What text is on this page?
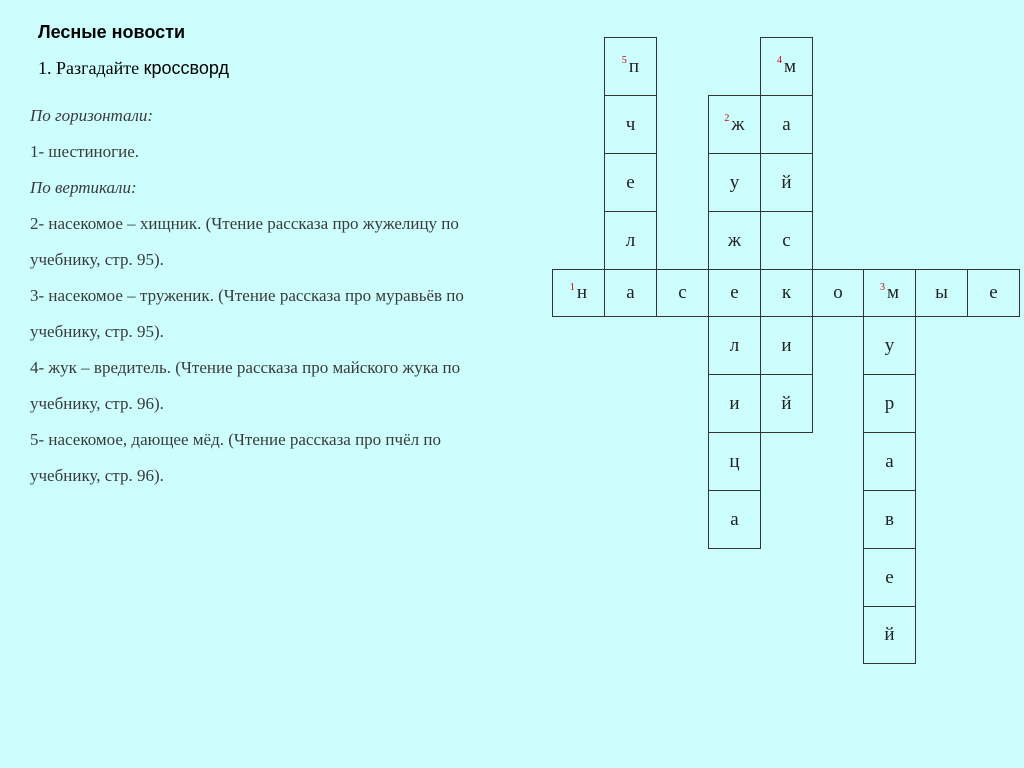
Лесные новости
1. Разгадайте кроссворд
По горизонтали:
1- шестиногие.
По вертикали:
2- насекомое – хищник. (Чтение рассказа про жужелицу по
учебнику, стр. 95).
3- насекомое – труженик. (Чтение рассказа про муравьёв по
учебнику, стр. 95).
4- жук – вредитель. (Чтение рассказа про майского жука по
учебнику, стр. 96).
5- насекомое, дающее мёд. (Чтение рассказа про пчёл по
учебнику, стр. 96).
5 п
ч
е
л
4 м
а
й
с
и
й
2 ж
у
ж
л
и
ц
а
1 н а с е к о	3 м ы е
у
р
а
в
е
й
